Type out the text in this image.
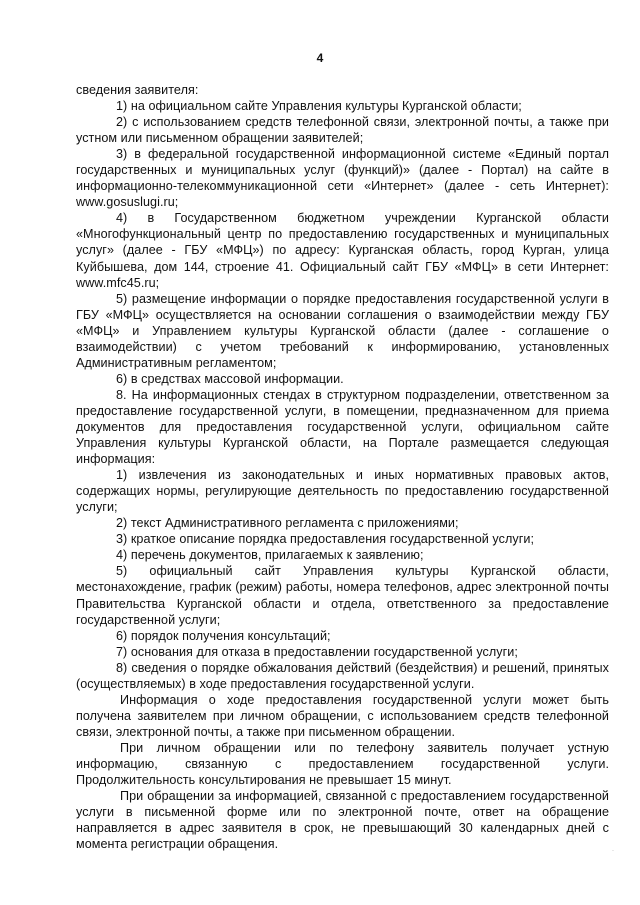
4

сведения заявителя:

1) на официальном сайте Управления культуры Курганской области;

2) с использованием средств телефонной связи, электронной почты, а также при устном или письменном обращении заявителей;

3) в федеральной государственной информационной системе «Единый портал государственных и муниципальных услуг (функций)» (далее - Портал) на сайте в информационно-телекоммуникационной сети «Интернет» (далее - сеть Интернет): www.gosuslugi.ru;

4) в Государственном бюджетном учреждении Курганской области «Многофункциональный центр по предоставлению государственных и муниципальных услуг» (далее - ГБУ «МФЦ») по адресу: Курганская область, город Курган, улица Куйбышева, дом 144, строение 41. Официальный сайт ГБУ «МФЦ» в сети Интернет: www.mfc45.ru;

5) размещение информации о порядке предоставления государственной услуги в ГБУ «МФЦ» осуществляется на основании соглашения о взаимодействии между ГБУ «МФЦ» и Управлением культуры Курганской области (далее - соглашение о взаимодействии) с учетом требований к информированию, установленных Административным регламентом;

6) в средствах массовой информации.

8. На информационных стендах в структурном подразделении, ответственном за предоставление государственной услуги, в помещении, предназначенном для приема документов для предоставления государственной услуги, официальном сайте Управления культуры Курганской области, на Портале размещается следующая информация:

1) извлечения из законодательных и иных нормативных правовых актов, содержащих нормы, регулирующие деятельность по предоставлению государственной услуги;

2) текст Административного регламента с приложениями;

3) краткое описание порядка предоставления государственной услуги;

4) перечень документов, прилагаемых к заявлению;

5) официальный сайт Управления культуры Курганской области, местонахождение, график (режим) работы, номера телефонов, адрес электронной почты Правительства Курганской области и отдела, ответственного за предоставление государственной услуги;

6) порядок получения консультаций;

7) основания для отказа в предоставлении государственной услуги;

8) сведения о порядке обжалования действий (бездействия) и решений, принятых (осуществляемых) в ходе предоставления государственной услуги.

Информация о ходе предоставления государственной услуги может быть получена заявителем при личном обращении, с использованием средств телефонной связи, электронной почты, а также при письменном обращении.

При личном обращении или по телефону заявитель получает устную информацию, связанную с предоставлением государственной услуги. Продолжительность консультирования не превышает 15 минут.

При обращении за информацией, связанной с предоставлением государственной услуги в письменной форме или по электронной почте, ответ на обращение направляется в адрес заявителя в срок, не превышающий 30 календарных дней с момента регистрации обращения.	·
